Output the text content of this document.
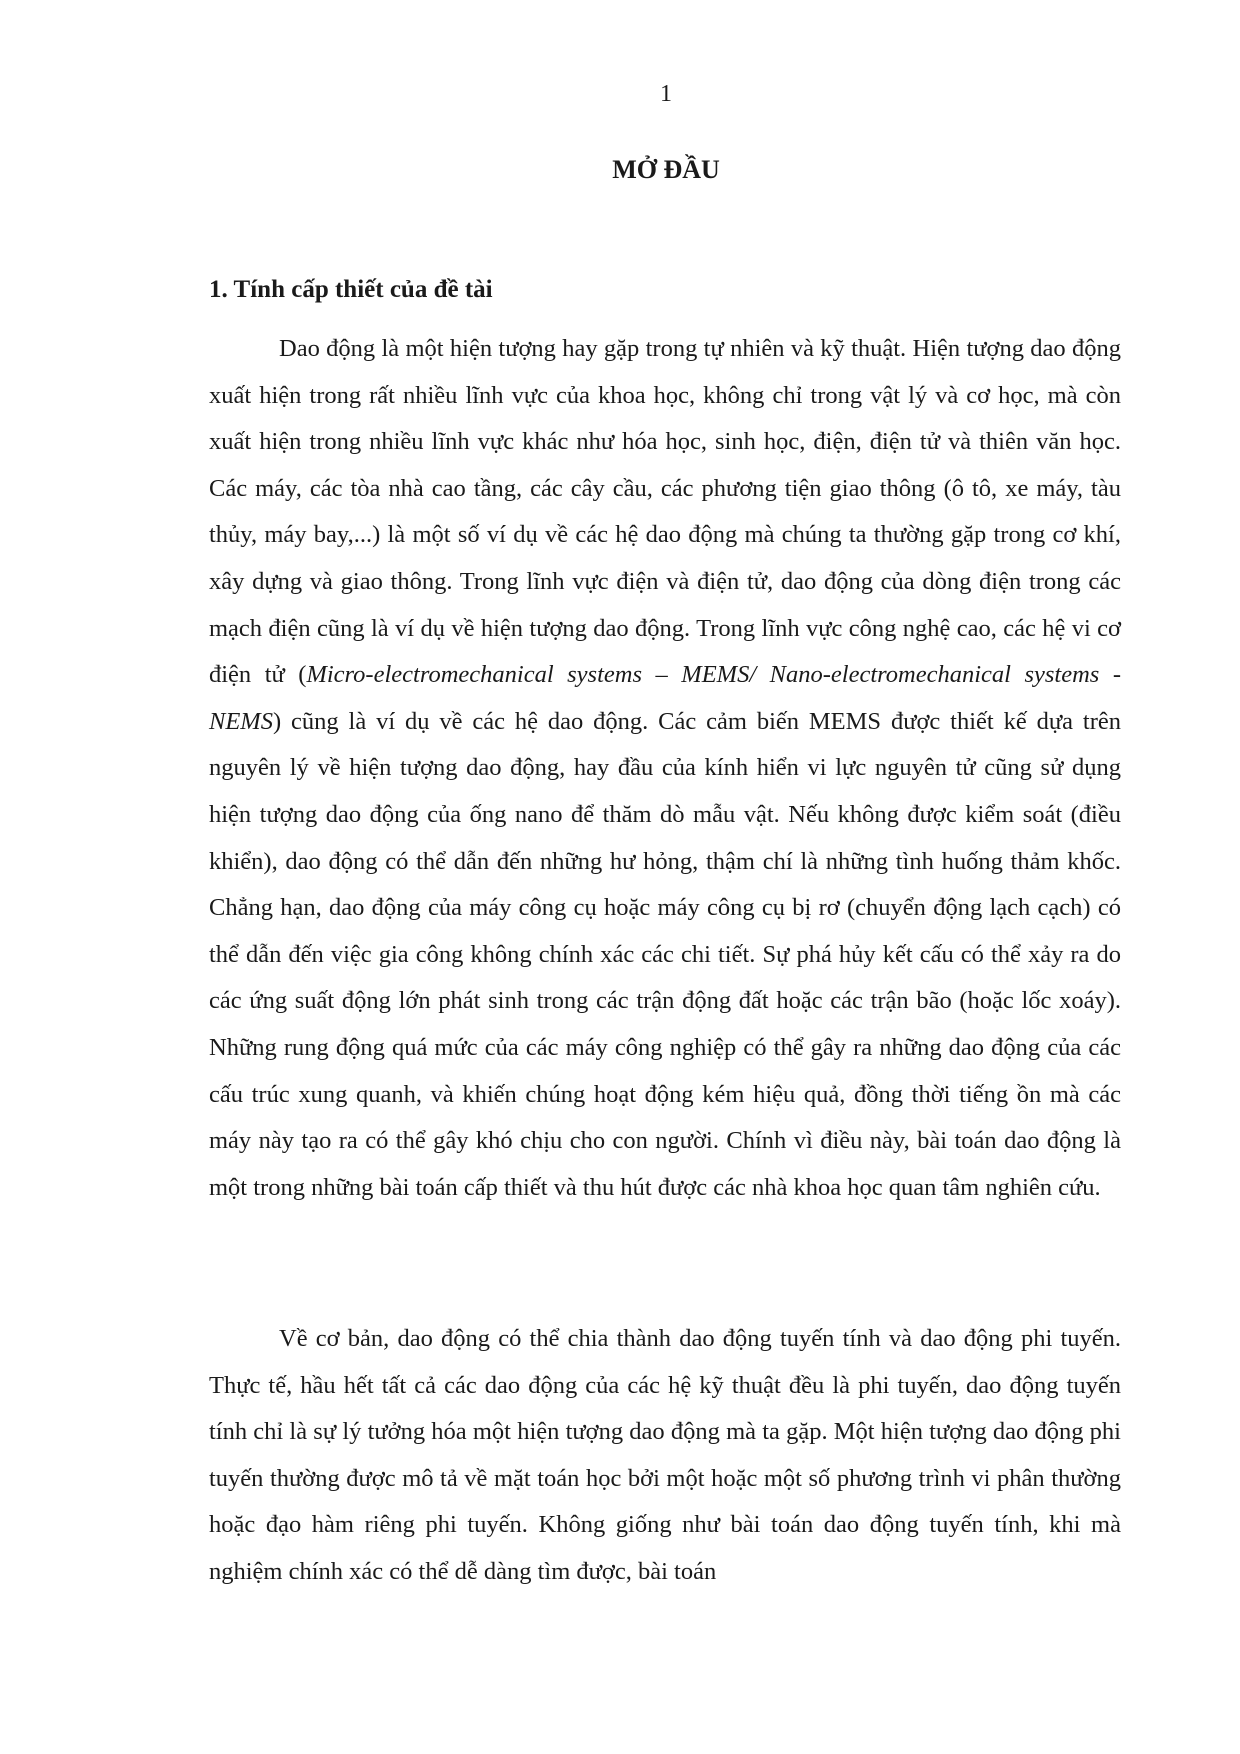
1
MỞ ĐẦU
1. Tính cấp thiết của đề tài

Dao động là một hiện tượng hay gặp trong tự nhiên và kỹ thuật. Hiện tượng dao động xuất hiện trong rất nhiều lĩnh vực của khoa học, không chỉ trong vật lý và cơ học, mà còn xuất hiện trong nhiều lĩnh vực khác như hóa học, sinh học, điện, điện tử và thiên văn học. Các máy, các tòa nhà cao tầng, các cây cầu, các phương tiện giao thông (ô tô, xe máy, tàu thủy, máy bay,...) là một số ví dụ về các hệ dao động mà chúng ta thường gặp trong cơ khí, xây dựng và giao thông. Trong lĩnh vực điện và điện tử, dao động của dòng điện trong các mạch điện cũng là ví dụ về hiện tượng dao động. Trong lĩnh vực công nghệ cao, các hệ vi cơ điện tử (Micro-electromechanical systems – MEMS/ Nano-electromechanical systems - NEMS) cũng là ví dụ về các hệ dao động. Các cảm biến MEMS được thiết kế dựa trên nguyên lý về hiện tượng dao động, hay đầu của kính hiển vi lực nguyên tử cũng sử dụng hiện tượng dao động của ống nano để thăm dò mẫu vật. Nếu không được kiểm soát (điều khiển), dao động có thể dẫn đến những hư hỏng, thậm chí là những tình huống thảm khốc. Chẳng hạn, dao động của máy công cụ hoặc máy công cụ bị rơ (chuyển động lạch cạch) có thể dẫn đến việc gia công không chính xác các chi tiết. Sự phá hủy kết cấu có thể xảy ra do các ứng suất động lớn phát sinh trong các trận động đất hoặc các trận bão (hoặc lốc xoáy). Những rung động quá mức của các máy công nghiệp có thể gây ra những dao động của các cấu trúc xung quanh, và khiến chúng hoạt động kém hiệu quả, đồng thời tiếng ồn mà các máy này tạo ra có thể gây khó chịu cho con người. Chính vì điều này, bài toán dao động là một trong những bài toán cấp thiết và thu hút được các nhà khoa học quan tâm nghiên cứu.

Về cơ bản, dao động có thể chia thành dao động tuyến tính và dao động phi tuyến. Thực tế, hầu hết tất cả các dao động của các hệ kỹ thuật đều là phi tuyến, dao động tuyến tính chỉ là sự lý tưởng hóa một hiện tượng dao động mà ta gặp. Một hiện tượng dao động phi tuyến thường được mô tả về mặt toán học bởi một hoặc một số phương trình vi phân thường hoặc đạo hàm riêng phi tuyến. Không giống như bài toán dao động tuyến tính, khi mà nghiệm chính xác có thể dễ dàng tìm được, bài toán
